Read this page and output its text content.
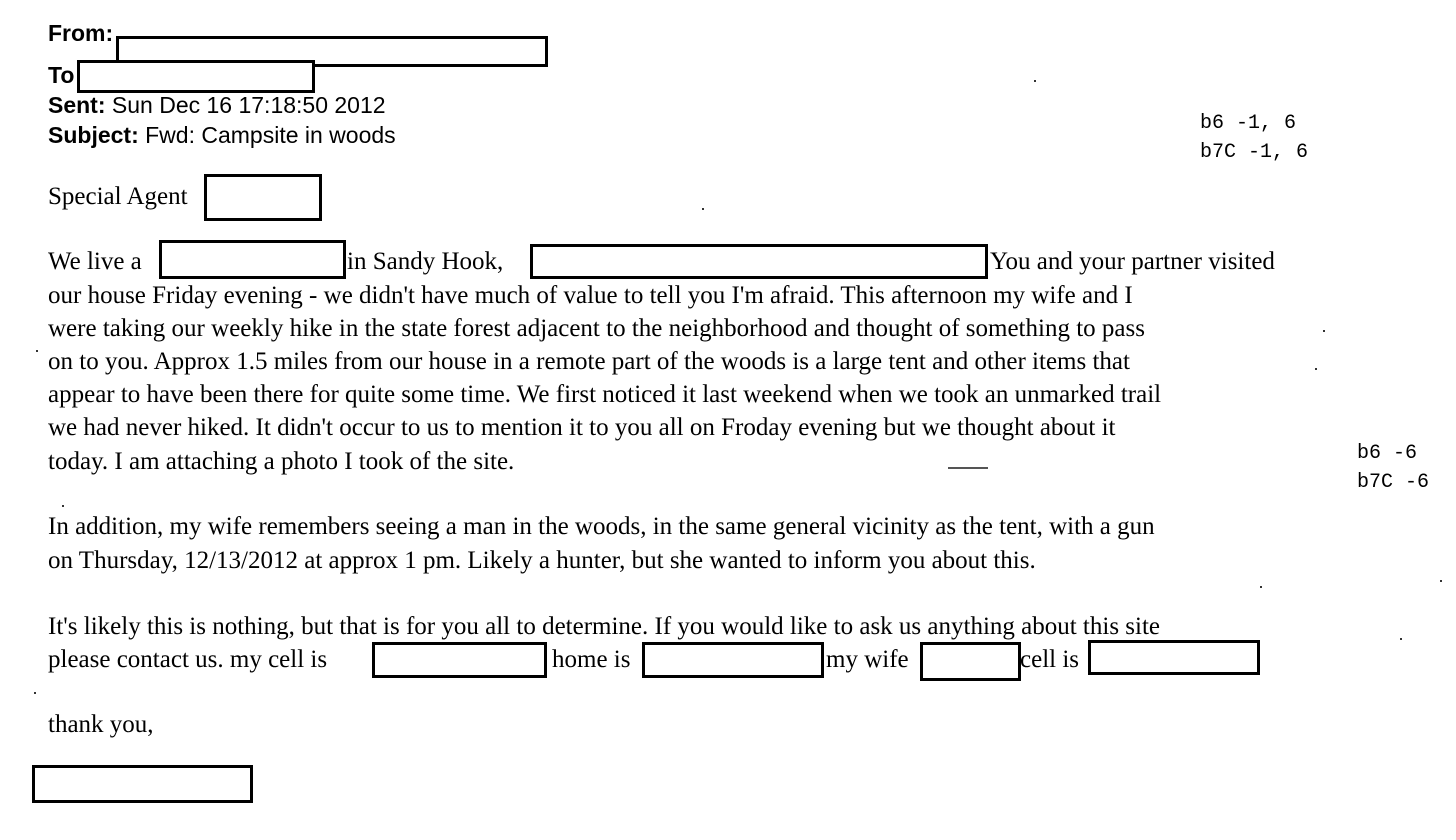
From:
To
Sent: Sun Dec 16 17:18:50 2012
Subject: Fwd: Campsite in woods	b6 -1, 6
b7C -1, 6
b6 -6
b7C -6
Special Agent
We live a	in Sandy Hook,	You and your partner visited
our house Friday evening - we didn't have much of value to tell you I'm afraid. This afternoon my wife and I
were taking our weekly hike in the state forest adjacent to the neighborhood and thought of something to pass
on to you. Approx 1.5 miles from our house in a remote part of the woods is a large tent and other items that
appear to have been there for quite some time. We first noticed it last weekend when we took an unmarked trail
we had never hiked. It didn't occur to us to mention it to you all on Froday evening but we thought about it
today. I am attaching a photo I took of the site.
In addition, my wife remembers seeing a man in the woods, in the same general vicinity as the tent, with a gun
on Thursday, 12/13/2012 at approx 1 pm. Likely a hunter, but she wanted to inform you about this.
It's likely this is nothing, but that is for you all to determine. If you would like to ask us anything about this site
please contact us. my cell is	home is	my wife	cell is
thank you,
